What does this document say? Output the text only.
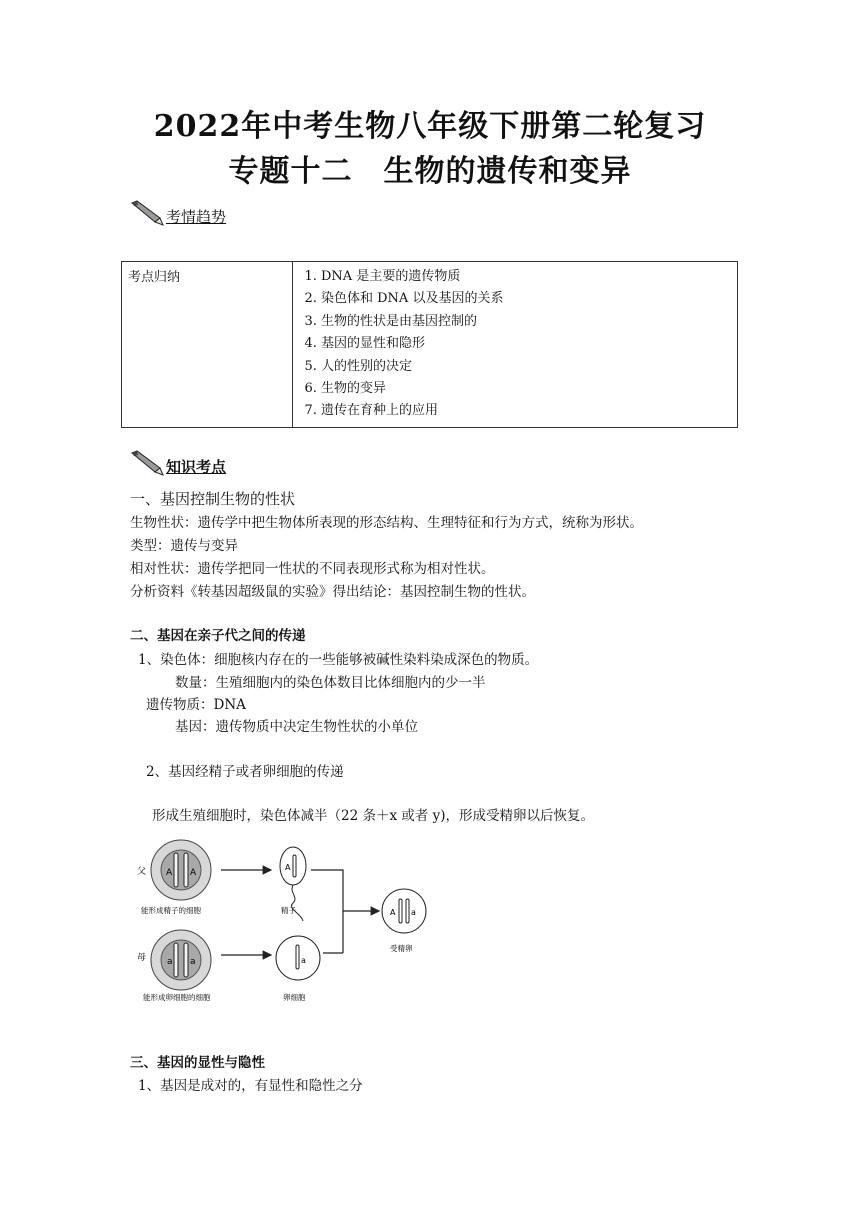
2022年中考生物八年级下册第二轮复习
专题十二　生物的遗传和变异
考情趋势
考点归纳	
1.DNA 是主要的遗传物质
2. 染色体和 DNA 以及基因的关系
3. 生物的性状是由基因控制的
4. 基因的显性和隐形
5. 人的性别的决定
6. 生物的变异
7. 遗传在育种上的应用
知识考点
一、基因控制生物的性状
生物性状：遗传学中把生物体所表现的形态结构、生理特征和行为方式，统称为形状。
类型：遗传与变异
相对性状：遗传学把同一性状的不同表现形式称为相对性状。
分析资料《转基因超级鼠的实验》得出结论：基因控制生物的性状。
二、基因在亲子代之间的传递
1、染色体：细胞核内存在的一些能够被碱性染料染成深色的物质。
数量：生殖细胞内的染色体数目比体细胞内的少一半
遗传物质：DNA
基因：遗传物质中决定生物性状的小单位
2、基因经精子或者卵细胞的传递
形成生殖细胞时，染色体减半（22 条＋x 或者 y)，形成受精卵以后恢复。
父 A A
能形成精子的细胞
A
精子
母 a a
能形成卵细胞的细胞
a
卵细胞
A a
受精卵
三、基因的显性与隐性
1、基因是成对的，有显性和隐性之分
